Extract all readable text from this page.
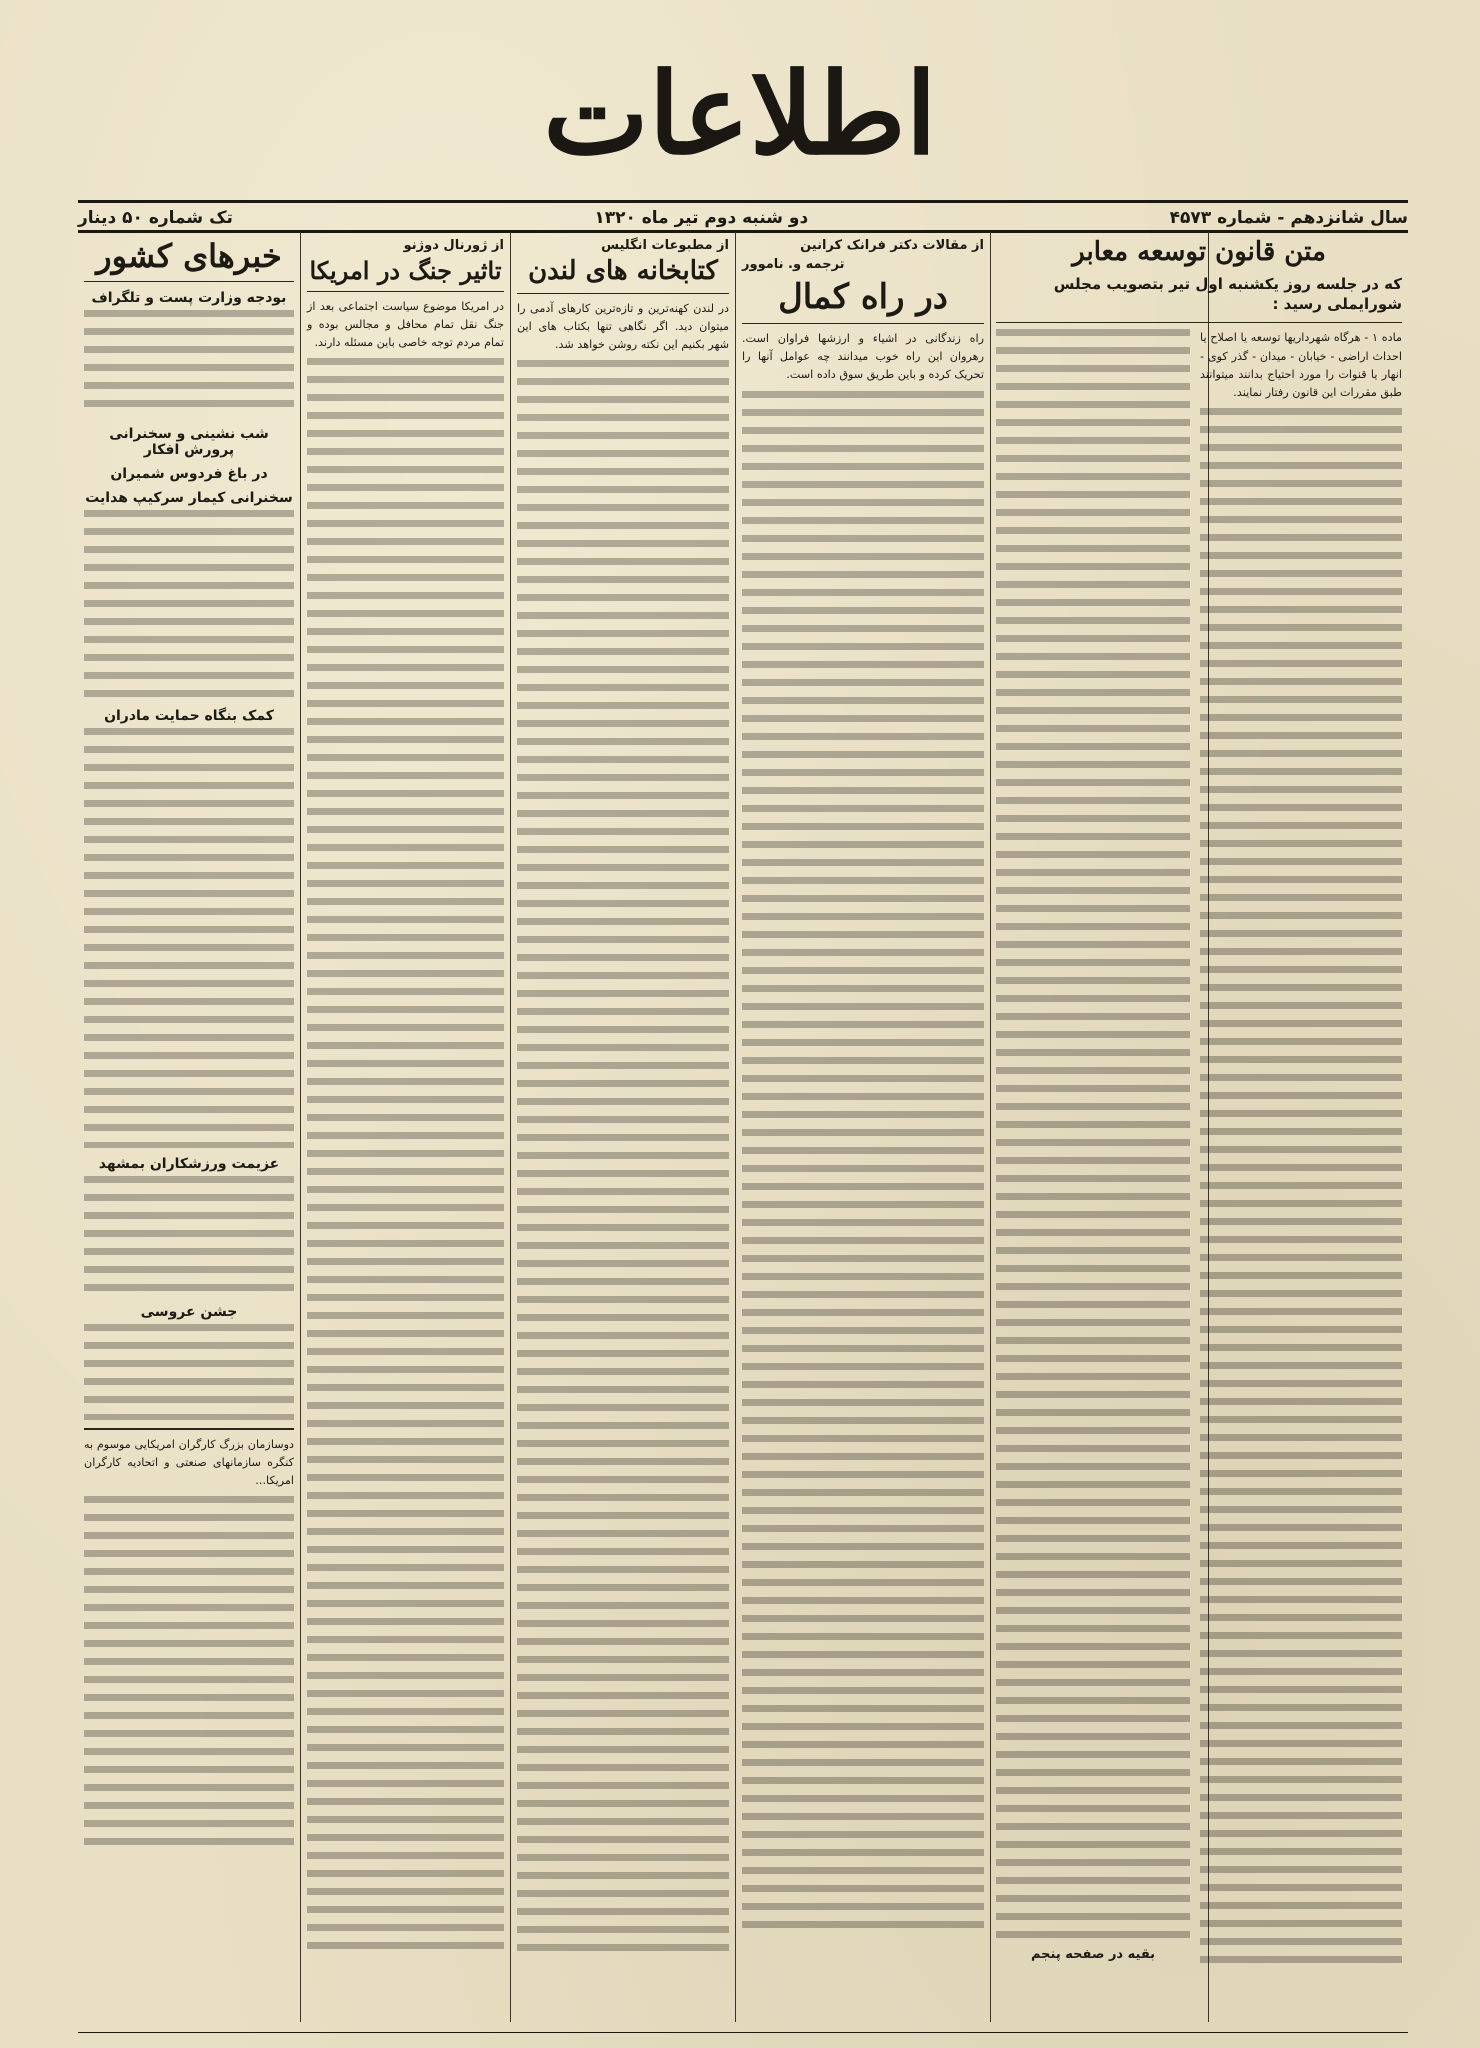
اطلاعات
سال شانزدهم - شماره ۴۵۷۳
دو شنبه دوم تیر ماه ۱۳۲۰
تک شماره ۵۰ دینار
متن قانون توسعه معابر
که در جلسه روز یکشنبه اول تیر بتصویب مجلس شورایملی رسید :

ماده ۱ - هرگاه شهرداریها توسعه یا اصلاح یا احداث اراضی - خیابان - میدان - گذر کوی - انهار یا قنوات را مورد احتیاج بدانند میتوانند طبق مقررات این قانون رفتار نمایند.

بقیه در صفحه پنجم
از مقالات دکتر فرانک کرانین
ترجمه و. ناموور
در راه کمال

راه زندگانی در اشیاء و ارزشها فراوان است. رهروان این راه خوب میدانند چه عوامل آنها را تحریک کرده و باین طریق سوق داده است.

از مطبوعات انگلیس
کتابخانه های لندن

در لندن کهنه‌ترین و تازه‌ترین کارهای آدمی را میتوان دید. اگر نگاهی تنها بکتاب های این شهر بکنیم این نکته روشن خواهد شد.

از ژورنال دوژنو
تاثیر جنگ در امریکا

در امریکا موضوع سیاست اجتماعی بعد از جنگ نقل تمام محافل و مجالس بوده و تمام مردم توجه خاصی باین مسئله دارند.

خبرهای کشور
بودجه وزارت پست و تلگراف
شب نشینی و سخنرانی پرورش افکار
در باغ فردوس شمیران
سخنرانی کیمار سرکیپ هدایت
کمک بنگاه حمایت مادران
عزیمت ورزشکاران بمشهد
جشن عروسی

دوسازمان بزرگ کارگران امریکایی موسوم به کنگره سازمانهای صنعتی و اتحادیه کارگران امریکا...
